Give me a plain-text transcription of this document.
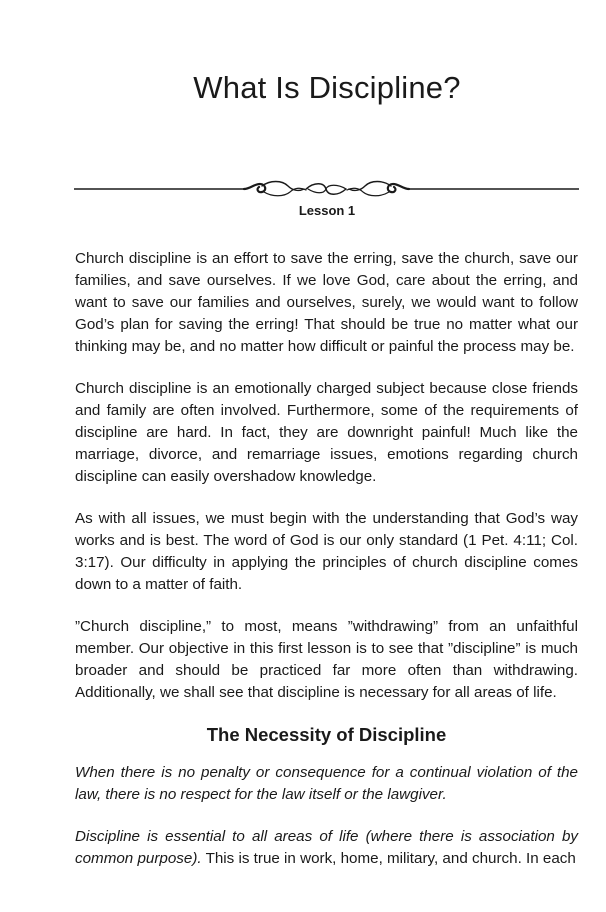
What Is Discipline?
Lesson 1

Church discipline is an effort to save the erring, save the church, save our families, and save ourselves. If we love God, care about the erring, and want to save our families and ourselves, surely, we would want to follow God’s plan for saving the erring! That should be true no matter what our thinking may be, and no matter how difficult or painful the process may be.

Church discipline is an emotionally charged subject because close friends and family are often involved. Furthermore, some of the requirements of discipline are hard. In fact, they are downright painful! Much like the marriage, divorce, and remarriage issues, emotions regarding church discipline can easily overshadow knowledge.

As with all issues, we must begin with the understanding that God’s way works and is best. The word of God is our only standard (1 Pet. 4:11; Col. 3:17). Our difficulty in applying the principles of church discipline comes down to a matter of faith.

”Church discipline,” to most, means ”withdrawing” from an unfaithful member. Our objective in this first lesson is to see that ”discipline” is much broader and should be practiced far more often than withdrawing. Additionally, we shall see that discipline is necessary for all areas of life.

The Necessity of Discipline

When there is no penalty or consequence for a continual violation of the law, there is no respect for the law itself or the lawgiver.

Discipline is essential to all areas of life (where there is association by common purpose). This is true in work, home, military, and church. In each
